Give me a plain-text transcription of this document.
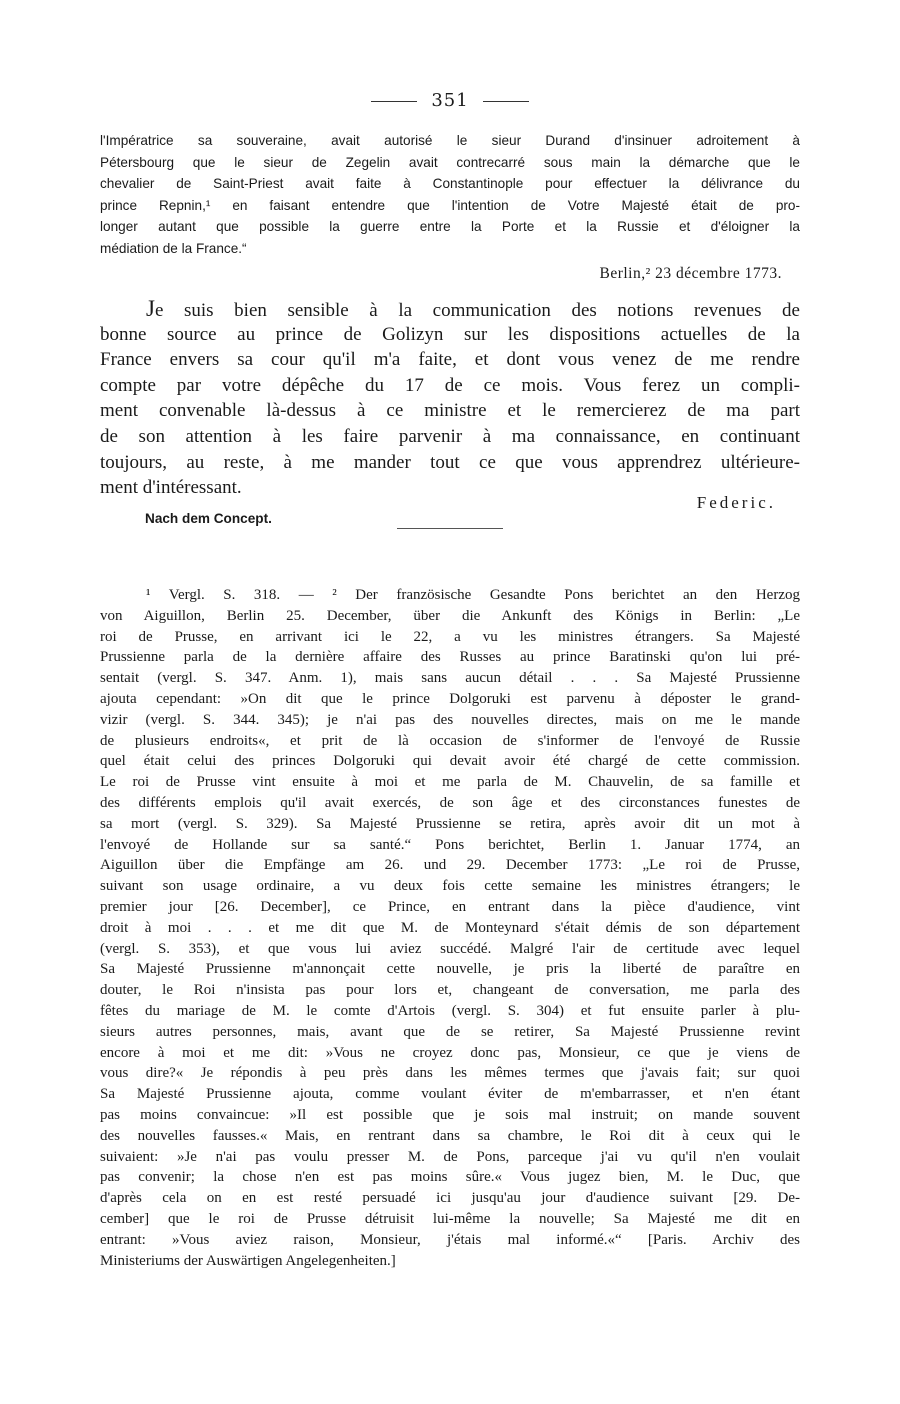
351
l'Impératrice sa souveraine, avait autorisé le sieur Durand d'insinuer adroitement à
Pétersbourg que le sieur de Zegelin avait contrecarré sous main la démarche que le
chevalier de Saint-Priest avait faite à Constantinople pour effectuer la délivrance du
prince Repnin,¹ en faisant entendre que l'intention de Votre Majesté était de pro-
longer autant que possible la guerre entre la Porte et la Russie et d'éloigner la
médiation de la France.“
Berlin,² 23 décembre 1773.
Je suis bien sensible à la communication des notions revenues de
bonne source au prince de Golizyn sur les dispositions actuelles de la
France envers sa cour qu'il m'a faite, et dont vous venez de me rendre
compte par votre dépêche du 17 de ce mois. Vous ferez un compli-
ment convenable là-dessus à ce ministre et le remercierez de ma part
de son attention à les faire parvenir à ma connaissance, en continuant
toujours, au reste, à me mander tout ce que vous apprendrez ultérieure-
ment d'intéressant.
Federic.
Nach dem Concept.
¹ Vergl. S. 318. — ² Der französische Gesandte Pons berichtet an den Herzog
von Aiguillon, Berlin 25. December, über die Ankunft des Königs in Berlin: „Le
roi de Prusse, en arrivant ici le 22, a vu les ministres étrangers. Sa Majesté
Prussienne parla de la dernière affaire des Russes au prince Baratinski qu'on lui pré-
sentait (vergl. S. 347. Anm. 1), mais sans aucun détail . . . Sa Majesté Prussienne
ajouta cependant: »On dit que le prince Dolgoruki est parvenu à déposter le grand-
vizir (vergl. S. 344. 345); je n'ai pas des nouvelles directes, mais on me le mande
de plusieurs endroits«, et prit de là occasion de s'informer de l'envoyé de Russie
quel était celui des princes Dolgoruki qui devait avoir été chargé de cette commission.
Le roi de Prusse vint ensuite à moi et me parla de M. Chauvelin, de sa famille et
des différents emplois qu'il avait exercés, de son âge et des circonstances funestes de
sa mort (vergl. S. 329). Sa Majesté Prussienne se retira, après avoir dit un mot à
l'envoyé de Hollande sur sa santé.“ Pons berichtet, Berlin 1. Januar 1774, an
Aiguillon über die Empfänge am 26. und 29. December 1773: „Le roi de Prusse,
suivant son usage ordinaire, a vu deux fois cette semaine les ministres étrangers; le
premier jour [26. December], ce Prince, en entrant dans la pièce d'audience, vint
droit à moi . . . et me dit que M. de Monteynard s'était démis de son département
(vergl. S. 353), et que vous lui aviez succédé. Malgré l'air de certitude avec lequel
Sa Majesté Prussienne m'annonçait cette nouvelle, je pris la liberté de paraître en
douter, le Roi n'insista pas pour lors et, changeant de conversation, me parla des
fêtes du mariage de M. le comte d'Artois (vergl. S. 304) et fut ensuite parler à plu-
sieurs autres personnes, mais, avant que de se retirer, Sa Majesté Prussienne revint
encore à moi et me dit: »Vous ne croyez donc pas, Monsieur, ce que je viens de
vous dire?« Je répondis à peu près dans les mêmes termes que j'avais fait; sur quoi
Sa Majesté Prussienne ajouta, comme voulant éviter de m'embarrasser, et n'en étant
pas moins convaincue: »Il est possible que je sois mal instruit; on mande souvent
des nouvelles fausses.« Mais, en rentrant dans sa chambre, le Roi dit à ceux qui le
suivaient: »Je n'ai pas voulu presser M. de Pons, parceque j'ai vu qu'il n'en voulait
pas convenir; la chose n'en est pas moins sûre.« Vous jugez bien, M. le Duc, que
d'après cela on en est resté persuadé ici jusqu'au jour d'audience suivant [29. De-
cember] que le roi de Prusse détruisit lui-même la nouvelle; Sa Majesté me dit en
entrant: »Vous aviez raison, Monsieur, j'étais mal informé.«“ [Paris. Archiv des
Ministeriums der Auswärtigen Angelegenheiten.]
